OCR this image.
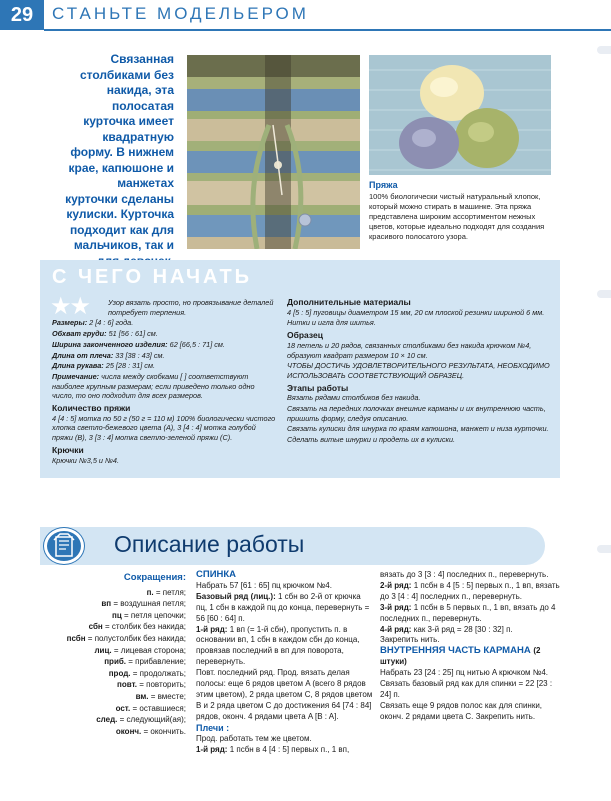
29	СТАНЬТЕ МОДЕЛЬЕРОМ
Связанная столбиками без накида, эта полосатая курточка имеет квадратную форму. В нижнем крае, капюшоне и манжетах курточки сделаны кулиски. Курточка подходит как для мальчиков, так и
Пряжа
100% биологически чистый натуральный хлопок, который можно стирать в машинке. Эта пряжа представлена широким ассортиментом нежных цветов, которые идеально подходят для создания красивого полосатого узора.
С ЧЕГО НАЧАТЬ
★★	Узор вязать просто, но провязывание деталей потребует терпения.

Размеры: 2 [4 : 6] года.

Обхват груди: 51 [56 : 61] см.

Ширина законченного изделия: 62 [66,5 : 71] см.

Длина от плеча: 33 [38 : 43] см.

Длина рукава: 25 [28 : 31] см.

Примечание: числа между скобками [ ] соответствуют наиболее крупным размерам; если приведено только одно число, то оно подходит для всех размеров.

Количество пряжи

4 [4 : 5] мотка по 50 г (50 г = 110 м) 100% биологически чистого хлопка светло-бежевого цвета (A), 3 [4 : 4] мотка голубой пряжи (B), 3 [3 : 4] мотка светло-зеленой пряжи (C).

Крючки

Крючки №3,5 и №4.

Дополнительные материалы

4 [5 : 5] пуговицы диаметром 15 мм, 20 см плоской резинки шириной 6 мм.

Нитки и игла для шитья.

Образец

18 петель и 20 рядов, связанных столбиками без накида крючком №4, образуют квадрат размером 10 × 10 см.

ЧТОБЫ ДОСТИЧЬ УДОВЛЕТВОРИТЕЛЬНОГО РЕЗУЛЬТАТА, НЕОБХОДИМО ИСПОЛЬЗОВАТЬ СООТВЕТСТВУЮЩИЙ ОБРАЗЕЦ.

Этапы работы

Вязать рядами столбиков без накида.

Связать на передних полочках внешние карманы и их внутреннюю часть, пришить форму, следуя описанию.

Связать кулиски для шнурка по краям капюшона, манжет и низа курточки.

Сделать витые шнурки и продеть их в кулиски.

Описание работы
Сокращения:
п. = петля;
вп = воздушная петля;
пц = петля цепочки;
сбн = столбик без накида;
псбн = полустолбик без накида;
лиц. = лицевая сторона;
приб. = прибавление;
прод. = продолжать;
повт. = повторить;
вм. = вместе;
ост. = оставшиеся;
след. = следующий(ая);
оконч. = окончить.
СПИНКА

Набрать 57 [61 : 65] пц крючком №4.

Базовый ряд (лиц.): 1 сбн во 2-й от крючка пц, 1 сбн в каждой пц до конца, перевернуть = 56 [60 : 64] п.

1-й ряд: 1 вп (= 1-й сбн), пропустить п. в основании вп, 1 сбн в каждом сбн до конца, провязав последний в вп для поворота, перевернуть.

Повт. последний ряд. Прод. вязать делая полосы: еще 6 рядов цветом A (всего 8 рядов этим цветом), 2 ряда цветом C, 8 рядов цветом B и 2 ряда цветом C до достижения 64 [74 : 84] рядов, оконч. 4 рядами цвета A [B : A].

Плечи :

Прод. работать тем же цветом.

1-й ряд: 1 псбн в 4 [4 : 5] первых п., 1 вп,

вязать до 3 [3 : 4] последних п., перевернуть.

2-й ряд: 1 псбн в 4 [5 : 5] первых п., 1 вп, вязать до 3 [4 : 4] последних п., перевернуть.

3-й ряд: 1 псбн в 5 первых п., 1 вп, вязать до 4 последних п., перевернуть.

4-й ряд: как 3-й ряд = 28 [30 : 32] п.

Закрепить нить.

ВНУТРЕННЯЯ ЧАСТЬ КАРМАНА (2 штуки)

Набрать 23 [24 : 25] пц нитью A крючком №4.

Связать базовый ряд как для спинки = 22 [23 : 24] п.

Связать еще 9 рядов полос как для спинки, оконч. 2 рядами цвета C. Закрепить нить.
